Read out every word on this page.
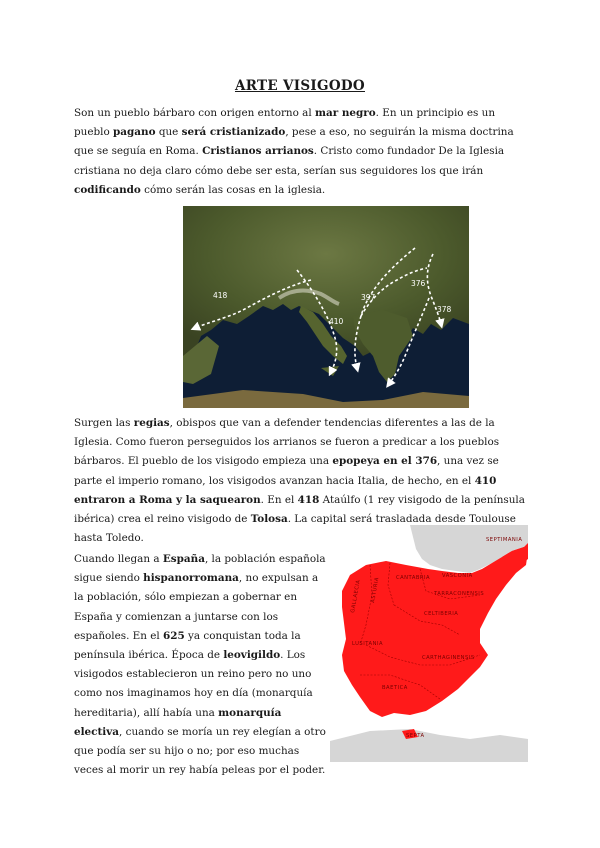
ARTE VISIGODO

Son un pueblo bárbaro con origen entorno al mar negro. En un principio es un pueblo pagano que será cristianizado, pese a eso, no seguirán la misma doctrina que se seguía en Roma. Cristianos arrianos. Cristo como fundador De la Iglesia cristiana no deja claro cómo debe ser esta, serían sus seguidores los que irán codificando cómo serán las cosas en la iglesia.

418
410
397
376
378

Surgen las regias, obispos que van a defender tendencias diferentes a las de la Iglesia. Como fueron perseguidos los arrianos se fueron a predicar a los pueblos bárbaros. El pueblo de los visigodo empieza una epopeya en el 376, una vez se parte el imperio romano, los visigodos avanzan hacia Italia, de hecho, en el 410 entraron a Roma y la saquearon. En el 418 Ataúlfo (1 rey visigodo de la península ibérica) crea el reino visigodo de Tolosa. La capital será trasladada desde Toulouse hasta Toledo.

Cuando llegan a España, la población española sigue siendo hispanorromana, no expulsan a la población, sólo empiezan a gobernar en España y comienzan a juntarse con los españoles. En el 625 ya conquistan toda la península ibérica. Época de leovigildo. Los visigodos establecieron un reino pero no uno como nos imaginamos hoy en día (monarquía hereditaria), allí había una monarquía electiva, cuando se moría un rey elegían a otro que podía ser su hijo o no; por eso muchas veces al morir un rey había peleas por el poder.

GALLAECIA ASTURIA	CANTABRIA VASCONIA
TARRACONENSIS
CELTIBERIA
CARTHAGINENSIS
LUSITANIA
BAETICA
SEPTIMANIA
SEPTA
